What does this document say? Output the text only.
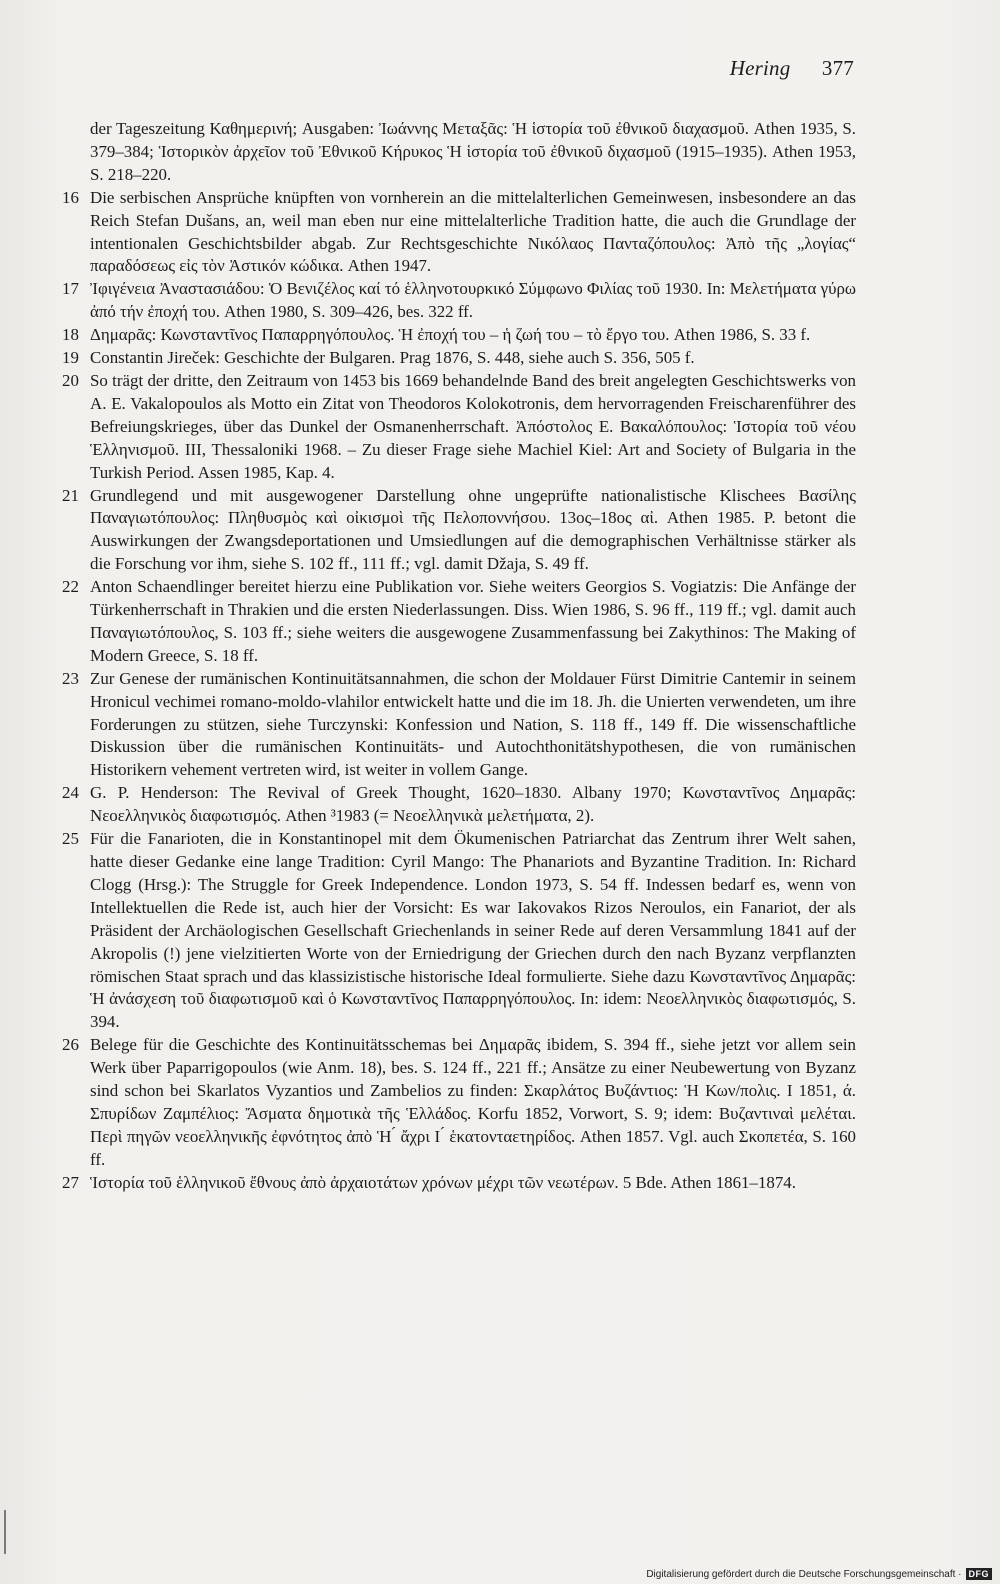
Hering 377
der Tageszeitung Καθημερινή; Ausgaben: Ἰωάννης Μεταξᾶς: Ἡ ἱστορία τοῦ ἐθνικοῦ διαχασμοῦ. Athen 1935, S. 379–384; Ἱστορικὸν ἀρχεῖον τοῦ Ἐθνικοῦ Κήρυκος Ἡ ἱστορία τοῦ ἐθνικοῦ διχασμοῦ (1915–1935). Athen 1953, S. 218–220.
16 Die serbischen Ansprüche knüpften von vornherein an die mittelalterlichen Gemeinwesen, insbesondere an das Reich Stefan Dušans, an, weil man eben nur eine mittelalterliche Tradition hatte, die auch die Grundlage der intentionalen Geschichtsbilder abgab. Zur Rechtsgeschichte Νικόλαος Πανταζόπουλος: Ἀπὸ τῆς „λογίας“ παραδόσεως εἰς τὸν Ἀστικόν κώδικα. Athen 1947.
17 Ἰφιγένεια Ἀναστασιάδου: Ὁ Βενιζέλος καί τό ἑλληνοτουρκικό Σύμφωνο Φιλίας τοῦ 1930. In: Μελετήματα γύρω ἀπό τήν ἐποχή του. Athen 1980, S. 309–426, bes. 322 ff.
18 Δημαρᾶς: Κωνσταντῖνος Παπαρρηγόπουλος. Ἡ ἐποχή του – ἡ ζωή του – τὸ ἔργο του. Athen 1986, S. 33 f.
19 Constantin Jireček: Geschichte der Bulgaren. Prag 1876, S. 448, siehe auch S. 356, 505 f.
20 So trägt der dritte, den Zeitraum von 1453 bis 1669 behandelnde Band des breit angelegten Geschichtswerks von A. E. Vakalopoulos als Motto ein Zitat von Theodoros Kolokotronis, dem hervorragenden Freischarenführer des Befreiungskrieges, über das Dunkel der Osmanenherrschaft. Ἀπόστολος Ε. Βακαλόπουλος: Ἱστορία τοῦ νέου Ἑλληνισμοῦ. III, Thessaloniki 1968. – Zu dieser Frage siehe Machiel Kiel: Art and Society of Bulgaria in the Turkish Period. Assen 1985, Kap. 4.
21 Grundlegend und mit ausgewogener Darstellung ohne ungeprüfte nationalistische Klischees Βασίλης Παναγιωτόπουλος: Πληθυσμὸς καὶ οἰκισμοὶ τῆς Πελοποννήσου. 13ος–18ος αἰ. Athen 1985. P. betont die Auswirkungen der Zwangsdeportationen und Umsiedlungen auf die demographischen Verhältnisse stärker als die Forschung vor ihm, siehe S. 102 ff., 111 ff.; vgl. damit Džaja, S. 49 ff.
22 Anton Schaendlinger bereitet hierzu eine Publikation vor. Siehe weiters Georgios S. Vogiatzis: Die Anfänge der Türkenherrschaft in Thrakien und die ersten Niederlassungen. Diss. Wien 1986, S. 96 ff., 119 ff.; vgl. damit auch Παναγιωτόπουλος, S. 103 ff.; siehe weiters die ausgewogene Zusammenfassung bei Zakythinos: The Making of Modern Greece, S. 18 ff.
23 Zur Genese der rumänischen Kontinuitätsannahmen, die schon der Moldauer Fürst Dimitrie Cantemir in seinem Hronicul vechimei romano-moldo-vlahilor entwickelt hatte und die im 18. Jh. die Unierten verwendeten, um ihre Forderungen zu stützen, siehe Turczynski: Konfession und Nation, S. 118 ff., 149 ff. Die wissenschaftliche Diskussion über die rumänischen Kontinuitäts- und Autochthonitätshypothesen, die von rumänischen Historikern vehement vertreten wird, ist weiter in vollem Gange.
24 G. P. Henderson: The Revival of Greek Thought, 1620–1830. Albany 1970; Κωνσταντῖνος Δημαρᾶς: Νεοελληνικὸς διαφωτισμός. Athen ³1983 (= Νεοελληνικὰ μελετήματα, 2).
25 Für die Fanarioten, die in Konstantinopel mit dem Ökumenischen Patriarchat das Zentrum ihrer Welt sahen, hatte dieser Gedanke eine lange Tradition: Cyril Mango: The Phanariots and Byzantine Tradition. In: Richard Clogg (Hrsg.): The Struggle for Greek Independence. London 1973, S. 54 ff. Indessen bedarf es, wenn von Intellektuellen die Rede ist, auch hier der Vorsicht: Es war Iakovakos Rizos Neroulos, ein Fanariot, der als Präsident der Archäologischen Gesellschaft Griechenlands in seiner Rede auf deren Versammlung 1841 auf der Akropolis (!) jene vielzitierten Worte von der Erniedrigung der Griechen durch den nach Byzanz verpflanzten römischen Staat sprach und das klassizistische historische Ideal formulierte. Siehe dazu Κωνσταντῖνος Δημαρᾶς: Ἡ ἀνάσχεση τοῦ διαφωτισμοῦ καὶ ὁ Κωνσταντῖνος Παπαρρηγόπουλος. In: idem: Νεοελληνικὸς διαφωτισμός, S. 394.
26 Belege für die Geschichte des Kontinuitätsschemas bei Δημαρᾶς ibidem, S. 394 ff., siehe jetzt vor allem sein Werk über Paparrigopoulos (wie Anm. 18), bes. S. 124 ff., 221 ff.; Ansätze zu einer Neubewertung von Byzanz sind schon bei Skarlatos Vyzantios und Zambelios zu finden: Σκαρλάτος Βυζάντιος: Ἡ Κων/πολις. I 1851, ά. Σπυρίδων Ζαμπέλιος: Ἄσματα δημοτικὰ τῆς Ἑλλάδος. Korfu 1852, Vorwort, S. 9; idem: Βυζαντιναὶ μελέται. Περὶ πηγῶν νεοελληνικῆς ἐφνότητος ἀπὸ Ἡ ́ ἄχρι Ι ́ ἑκατονταετηρίδος. Athen 1857. Vgl. auch Σκοπετέα, S. 160 ff.
27 Ἱστορία τοῦ ἑλληνικοῦ ἔθνους ἀπὸ ἀρχαιοτάτων χρόνων μέχρι τῶν νεωτέρων. 5 Bde. Athen 1861–1874.
Digitalisierung gefördert durch die Deutsche Forschungsgemeinschaft · DFG
